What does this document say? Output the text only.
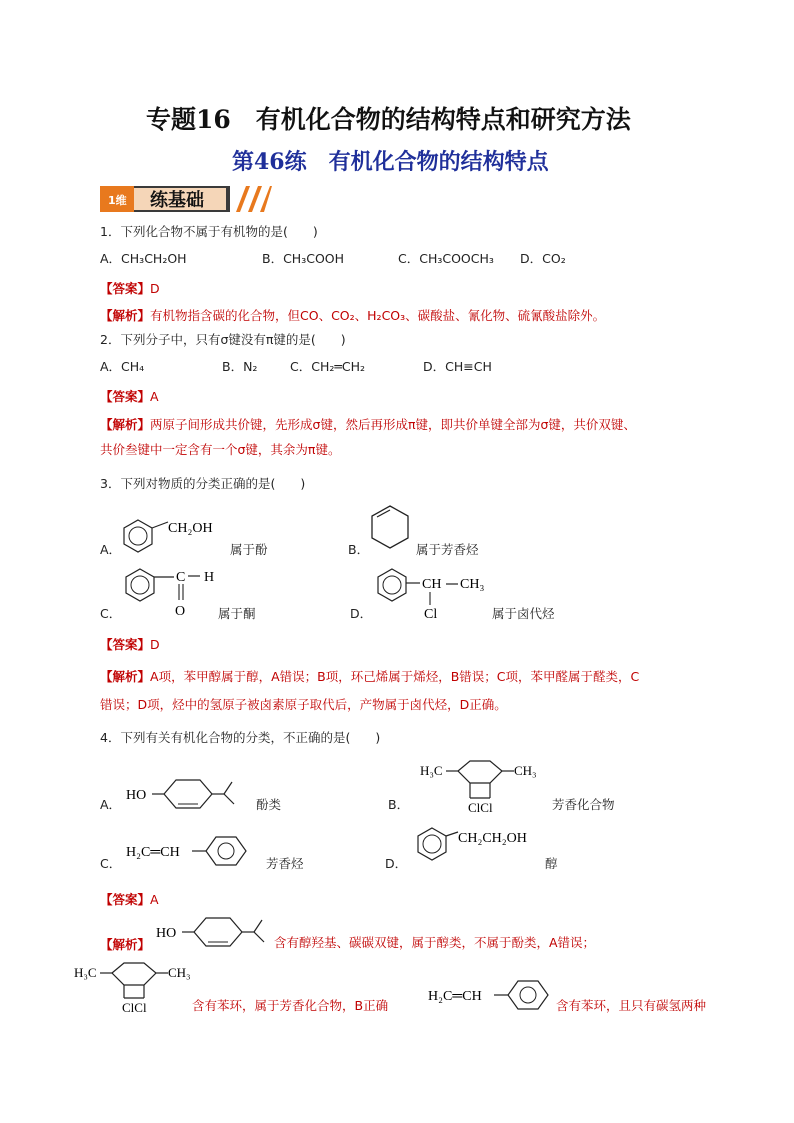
专题16　有机化合物的结构特点和研究方法
第46练　有机化合物的结构特点
1维 练基础
1．下列化合物不属于有机物的是(　　)
A．CH₃CH₂OH	B．CH₃COOH	C．CH₃COOCH₃ D．CO₂
【答案】D
【解析】有机物指含碳的化合物，但CO、CO₂、H₂CO₃、碳酸盐、氰化物、硫氰酸盐除外。
2．下列分子中，只有σ键没有π键的是(　　)
A．CH₄	B．N₂	C．CH₂═CH₂	D．CH≡CH
【答案】A
【解析】两原子间形成共价键，先形成σ键，然后再形成π键，即共价单键全部为σ键，共价双键、
共价叁键中一定含有一个σ键，其余为π键。
3．下列对物质的分类正确的是(　　)
A．
CH₂OH
属于酚	B．	属于芳香烃
C．
C H
O	属于酮	D．
CH CH₃
Cl	属于卤代烃
【答案】D
【解析】A项，苯甲醇属于醇，A错误；B项，环己烯属于烯烃，B错误；C项，苯甲醛属于醛类，C
错误；D项，烃中的氢原子被卤素原子取代后，产物属于卤代烃，D正确。
4．下列有关有机化合物的分类，不正确的是(　　)
A．
HO
酚类	B．
H₃C	CH₃
ClCl	芳香化合物
C．
H₂C═CH
芳香烃	D．
CH₂CH₂OH
醇
【答案】A
【解析】
HO
含有醇羟基、碳碳双键，属于醇类，不属于酚类，A错误；
H₃C	CH₃
ClCl	含有苯环，属于芳香化合物，B正确
H₂C═CH
含有苯环，且只有碳氢两种
